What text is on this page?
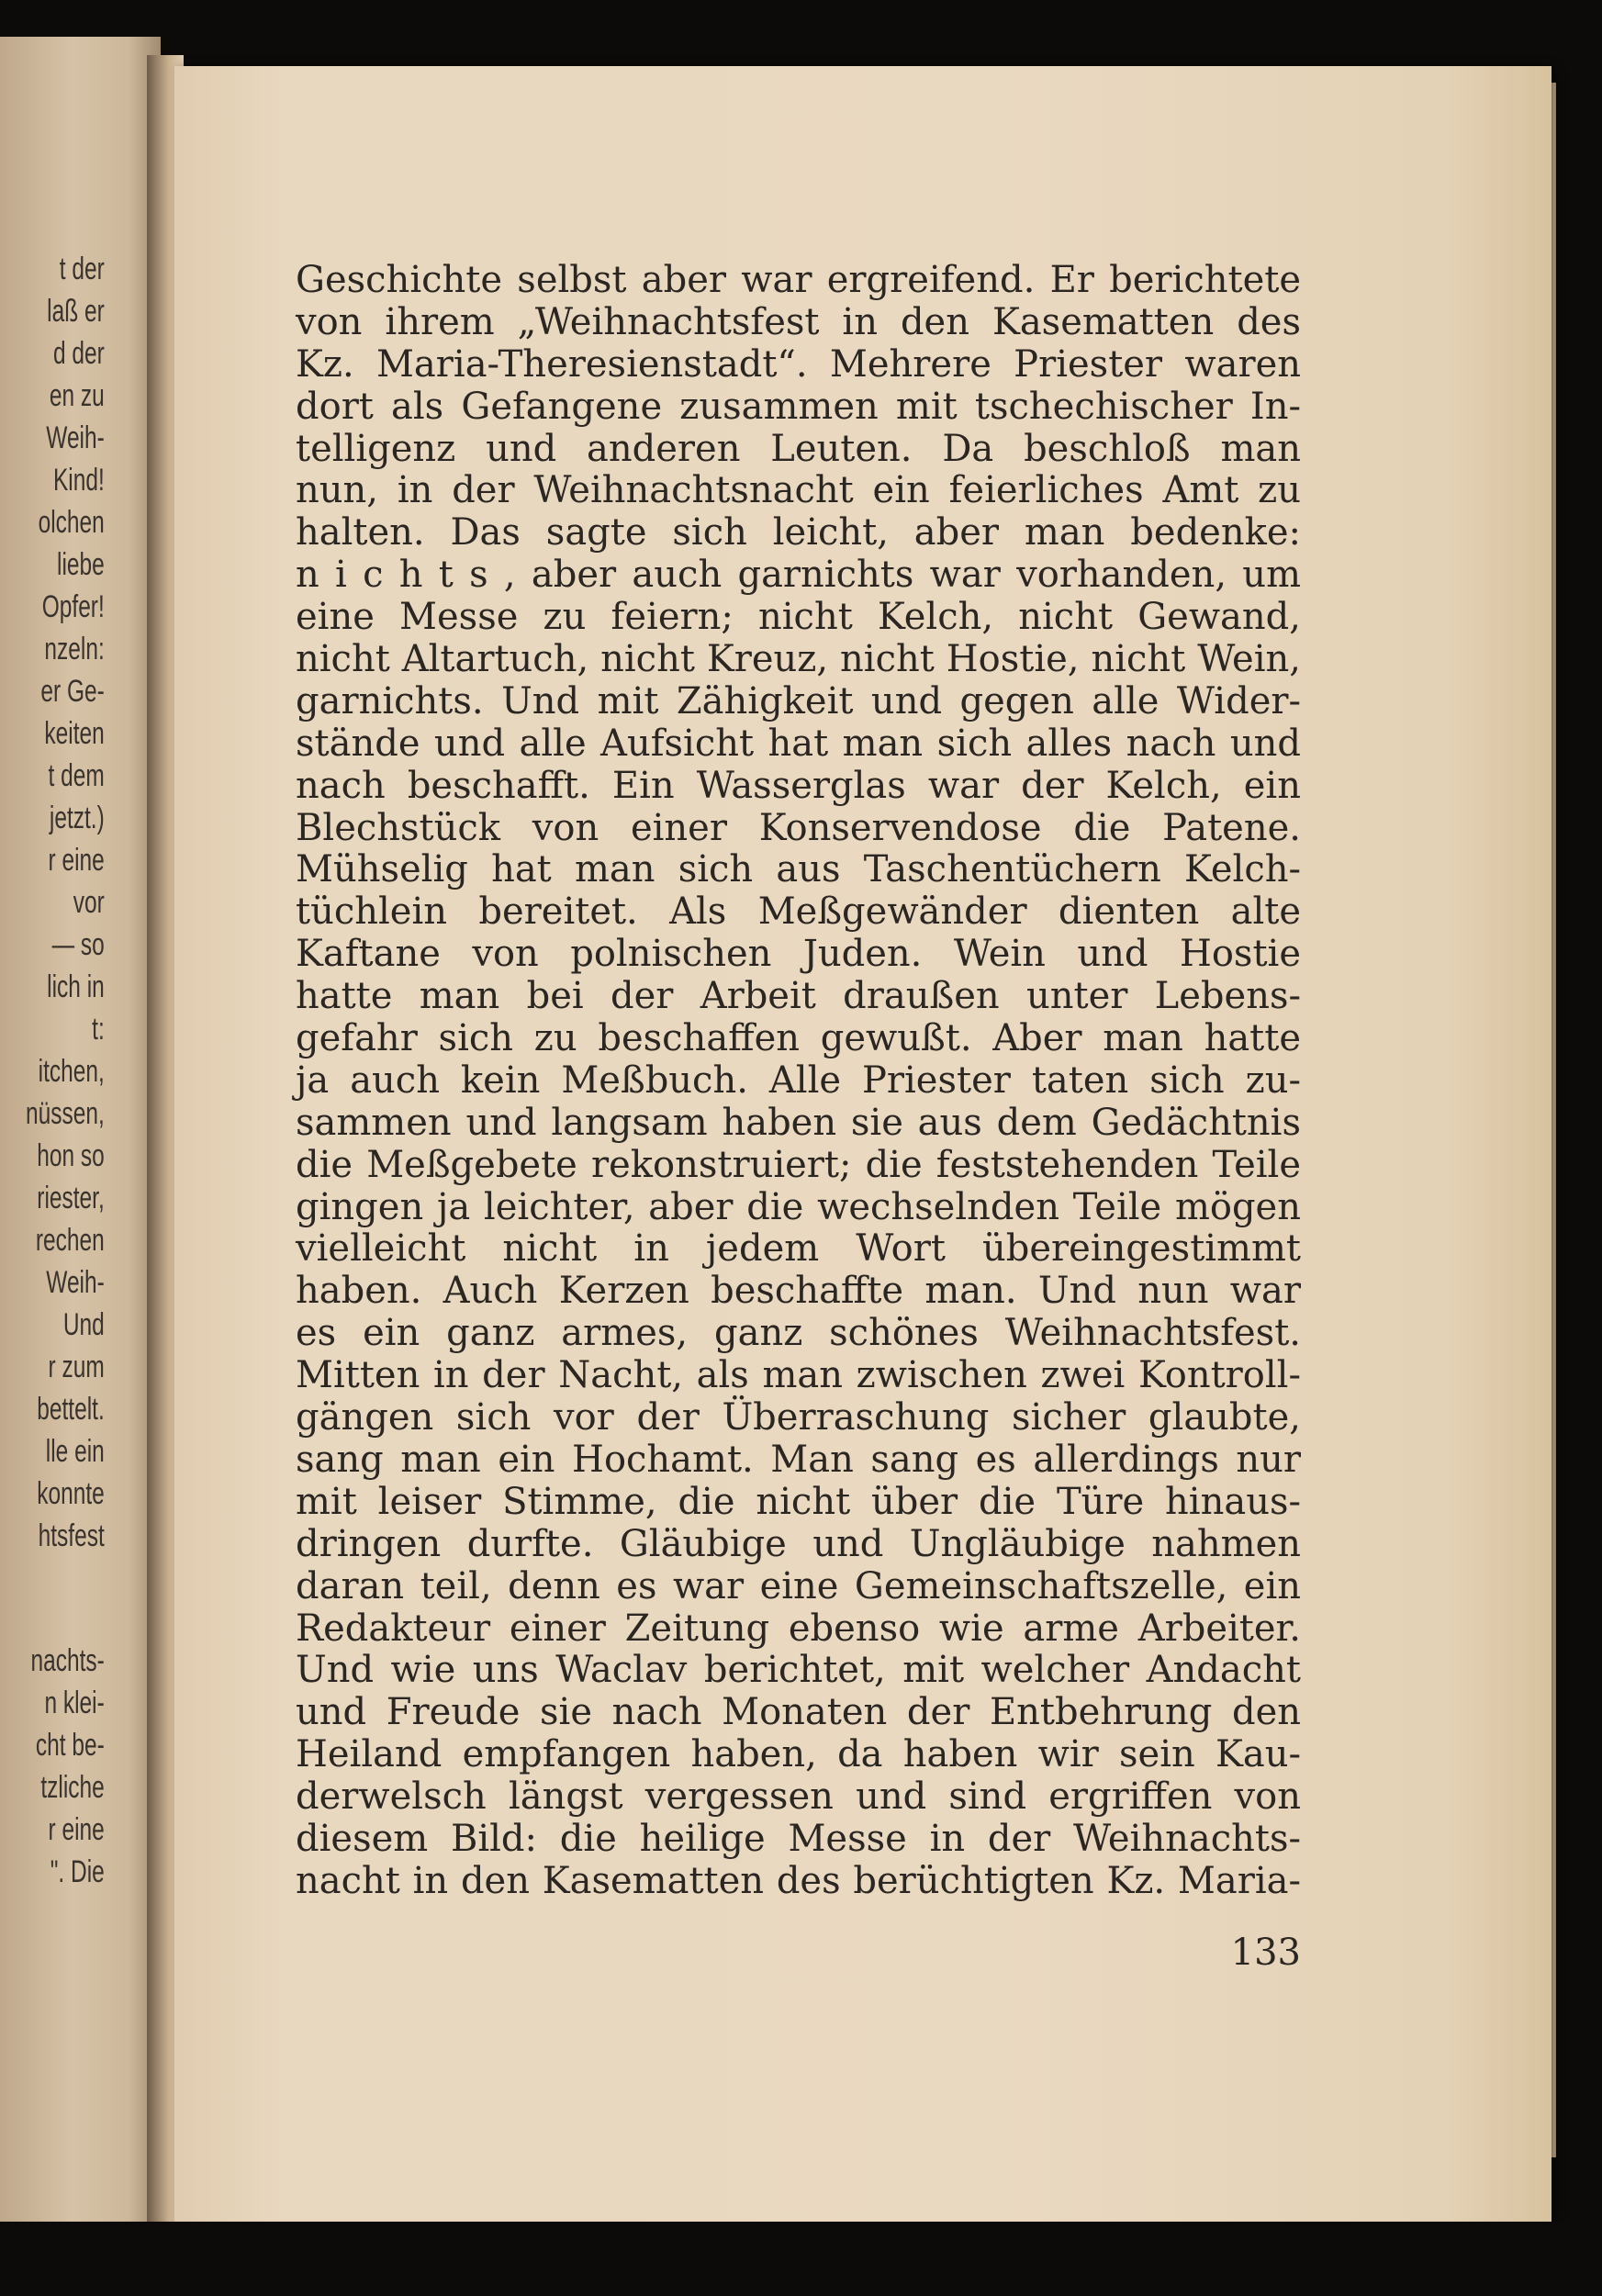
t der
laß er
d der
en zu
Weih-
Kind!
olchen
liebe
Opfer!
nzeln:
er Ge-
keiten
t dem
jetzt.)
r eine
vor
— so
lich in
t:
itchen,
nüssen,
hon so
riester,
rechen
Weih-
Und
r zum
bettelt.
lle ein
konnte
htsfest
nachts-
n klei-
cht be-
tzliche
r eine
". Die
Geschichte selbst aber war ergreifend. Er berichtete
von ihrem „Weihnachtsfest in den Kasematten des
Kz. Maria-Theresienstadt“. Mehrere Priester waren
dort als Gefangene zusammen mit tschechischer In-
telligenz und anderen Leuten. Da beschloß man
nun, in der Weihnachtsnacht ein feierliches Amt zu
halten. Das sagte sich leicht, aber man bedenke:
n i c h t s , aber auch garnichts war vorhanden, um
eine Messe zu feiern; nicht Kelch, nicht Gewand,
nicht Altartuch, nicht Kreuz, nicht Hostie, nicht Wein,
garnichts. Und mit Zähigkeit und gegen alle Wider-
stände und alle Aufsicht hat man sich alles nach und
nach beschafft. Ein Wasserglas war der Kelch, ein
Blechstück von einer Konservendose die Patene.
Mühselig hat man sich aus Taschentüchern Kelch-
tüchlein bereitet. Als Meßgewänder dienten alte
Kaftane von polnischen Juden. Wein und Hostie
hatte man bei der Arbeit draußen unter Lebens-
gefahr sich zu beschaffen gewußt. Aber man hatte
ja auch kein Meßbuch. Alle Priester taten sich zu-
sammen und langsam haben sie aus dem Gedächtnis
die Meßgebete rekonstruiert; die feststehenden Teile
gingen ja leichter, aber die wechselnden Teile mögen
vielleicht nicht in jedem Wort übereingestimmt
haben. Auch Kerzen beschaffte man. Und nun war
es ein ganz armes, ganz schönes Weihnachtsfest.
Mitten in der Nacht, als man zwischen zwei Kontroll-
gängen sich vor der Überraschung sicher glaubte,
sang man ein Hochamt. Man sang es allerdings nur
mit leiser Stimme, die nicht über die Türe hinaus-
dringen durfte. Gläubige und Ungläubige nahmen
daran teil, denn es war eine Gemeinschaftszelle, ein
Redakteur einer Zeitung ebenso wie arme Arbeiter.
Und wie uns Waclav berichtet, mit welcher Andacht
und Freude sie nach Monaten der Entbehrung den
Heiland empfangen haben, da haben wir sein Kau-
derwelsch längst vergessen und sind ergriffen von
diesem Bild: die heilige Messe in der Weihnachts-
nacht in den Kasematten des berüchtigten Kz. Maria-
133
